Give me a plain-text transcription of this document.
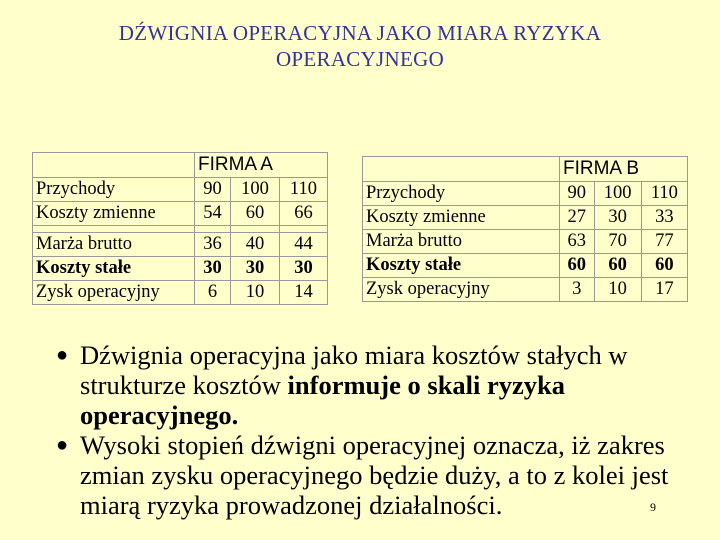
DŹWIGNIA OPERACYJNA JAKO MIARA RYZYKA
OPERACYJNEGO
	FIRMA A		
Przychody	90	100	110
Koszty zmienne	54	60	66

Marża brutto	36	40	44
Koszty stałe	30	30	30
Zysk operacyjny	6	10	14
	FIRMA B		
Przychody	90	100	110
Koszty zmienne	27	30	33
Marża brutto	63	70	77
Koszty stałe	60	60	60
Zysk operacyjny	3	10	17
● Dźwignia operacyjna jako miara kosztów stałych w strukturze kosztów informuje o skali ryzyka operacyjnego.
● Wysoki stopień dźwigni operacyjnej oznacza, iż zakres zmian zysku operacyjnego będzie duży, a to z kolei jest miarą ryzyka prowadzonej działalności.	9
